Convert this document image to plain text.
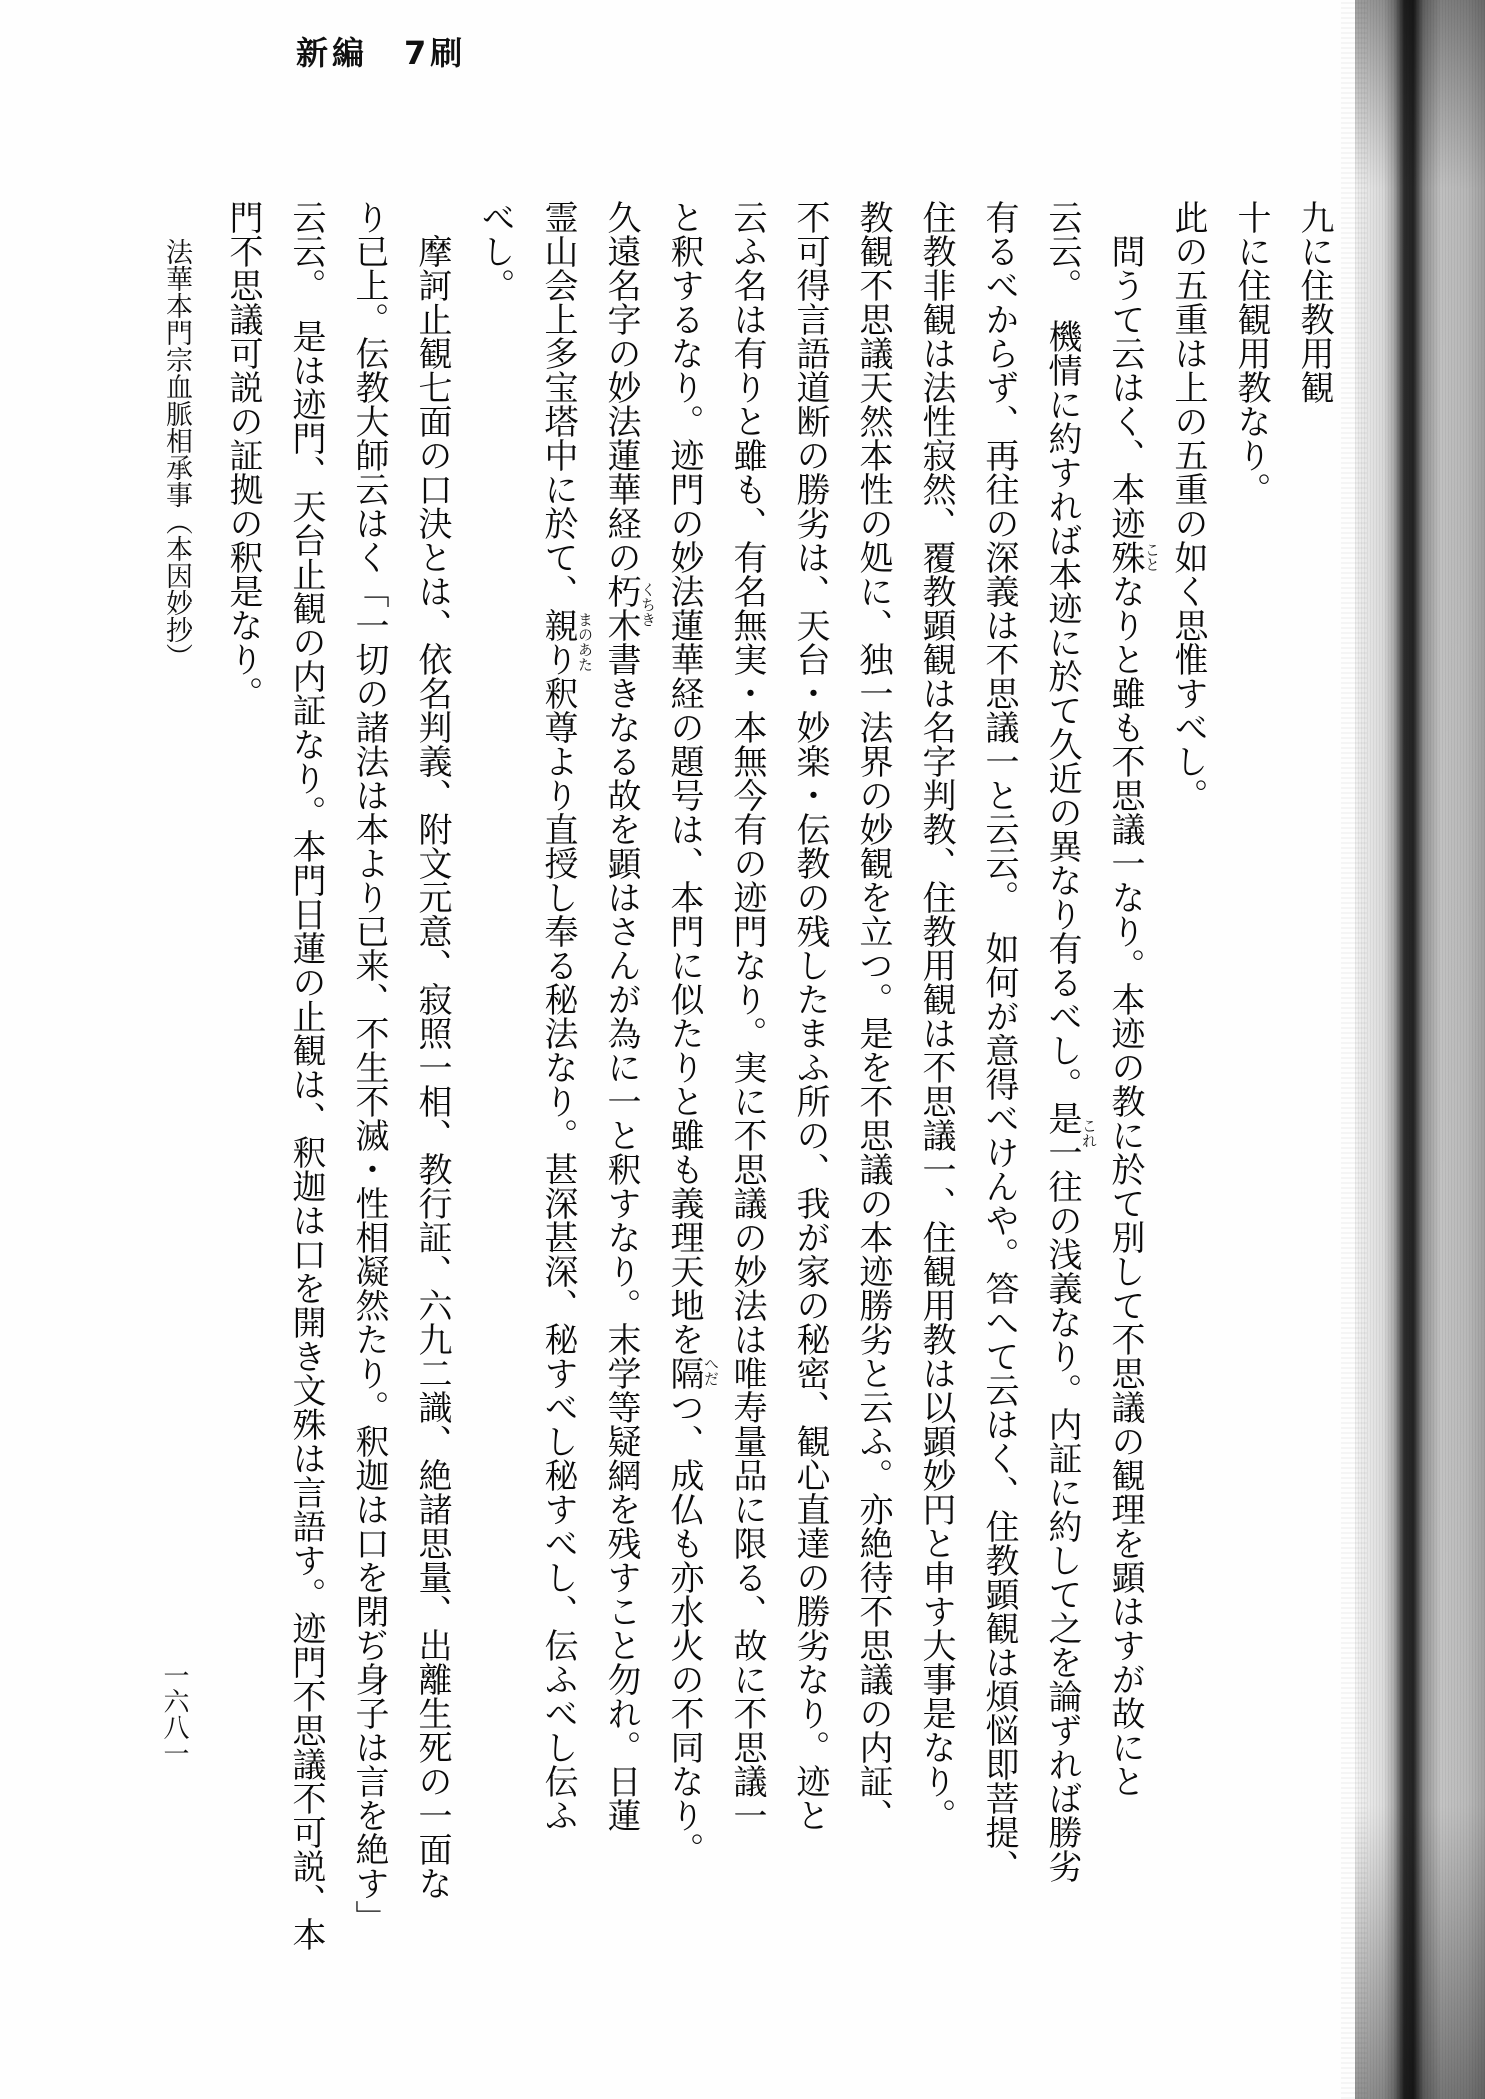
新編　7刷
九に住教用観
十に住観用教なり。
此の五重は上の五重の如く思惟すべし。
　問うて云はく、本迹殊なりと雖も不思議一なり。本迹の教に於て別して不思議の観理を顕はすが故にと
云云。　機情に約すれば本迹に於て久近の異なり有るべし。是一往の浅義なり。内証に約して之を論ずれば勝劣
有るべからず、再往の深義は不思議一と云云。　如何が意得べけんや。答へて云はく、住教顕観は煩悩即菩提、
住教非観は法性寂然、覆教顕観は名字判教、住教用観は不思議一、住観用教は以顕妙円と申す大事是なり。
教観不思議天然本性の処に、独一法界の妙観を立つ。是を不思議の本迹勝劣と云ふ。亦絶待不思議の内証、
不可得言語道断の勝劣は、天台・妙楽・伝教の残したまふ所の、我が家の秘密、観心直達の勝劣なり。迹と
云ふ名は有りと雖も、有名無実・本無今有の迹門なり。実に不思議の妙法は唯寿量品に限る、故に不思議一
と釈するなり。迹門の妙法蓮華経の題号は、本門に似たりと雖も義理天地を隔つ、成仏も亦水火の不同なり。
久遠名字の妙法蓮華経の朽木書きなる故を顕はさんが為に一と釈すなり。末学等疑網を残すこと勿れ。日蓮
霊山会上多宝塔中に於て、親り釈尊より直授し奉る秘法なり。甚深甚深、秘すべし秘すべし、伝ふべし伝ふ
べし。
　摩訶止観七面の口決とは、依名判義、附文元意、寂照一相、教行証、六九二識、絶諸思量、出離生死の一面な
り已上。伝教大師云はく「一切の諸法は本より已来、不生不滅・性相凝然たり。釈迦は口を閉ぢ身子は言を絶す」
云云。　是は迹門、天台止観の内証なり。本門日蓮の止観は、釈迦は口を開き文殊は言語す。迹門不思議不可説、本
門不思議可説の証拠の釈是なり。	こと
これ
へだ
くちき
まのあた
法華本門宗血脈相承事（本因妙抄）
一六八一
